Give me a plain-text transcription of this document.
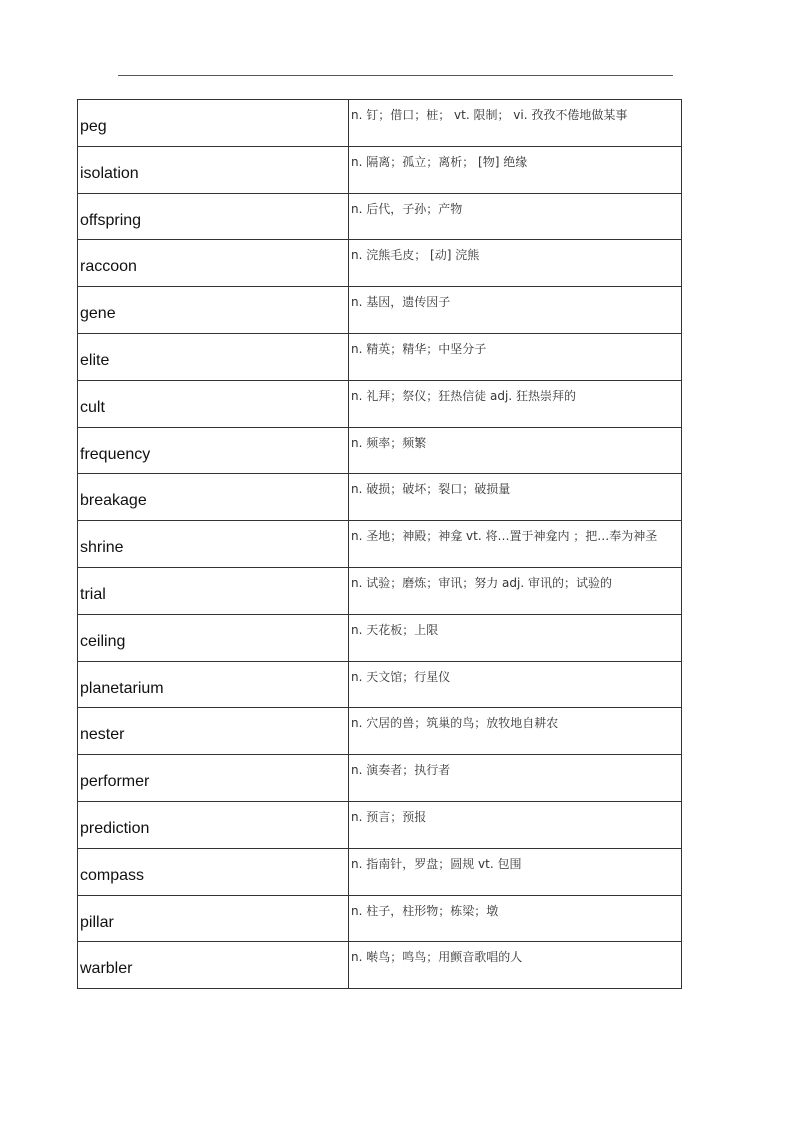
peg	n. 钉；借口；桩； vt. 限制； vi. 孜孜不倦地做某事

isolation	n. 隔离；孤立；离析； [物] 绝缘

offspring	n. 后代，子孙；产物

raccoon	n. 浣熊毛皮； [动] 浣熊

gene	n. 基因，遗传因子

elite	n. 精英；精华；中坚分子

cult	n. 礼拜；祭仪；狂热信徒 adj. 狂热崇拜的

frequency	n. 频率；频繁

breakage	n. 破损；破坏；裂口；破损量

shrine	n. 圣地；神殿；神龛 vt. 将…置于神龛内 ；把…奉为神圣

trial	n. 试验；磨炼；审讯；努力 adj. 审讯的；试验的

ceiling	n. 天花板；上限

planetarium	n. 天文馆；行星仪

nester	n. 穴居的兽；筑巢的鸟；放牧地自耕农

performer	n. 演奏者；执行者

prediction	n. 预言；预报

compass	n. 指南针，罗盘；圆规 vt. 包围

pillar	n. 柱子，柱形物；栋梁；墩

warbler	n. 啭鸟；鸣鸟；用颤音歌唱的人
